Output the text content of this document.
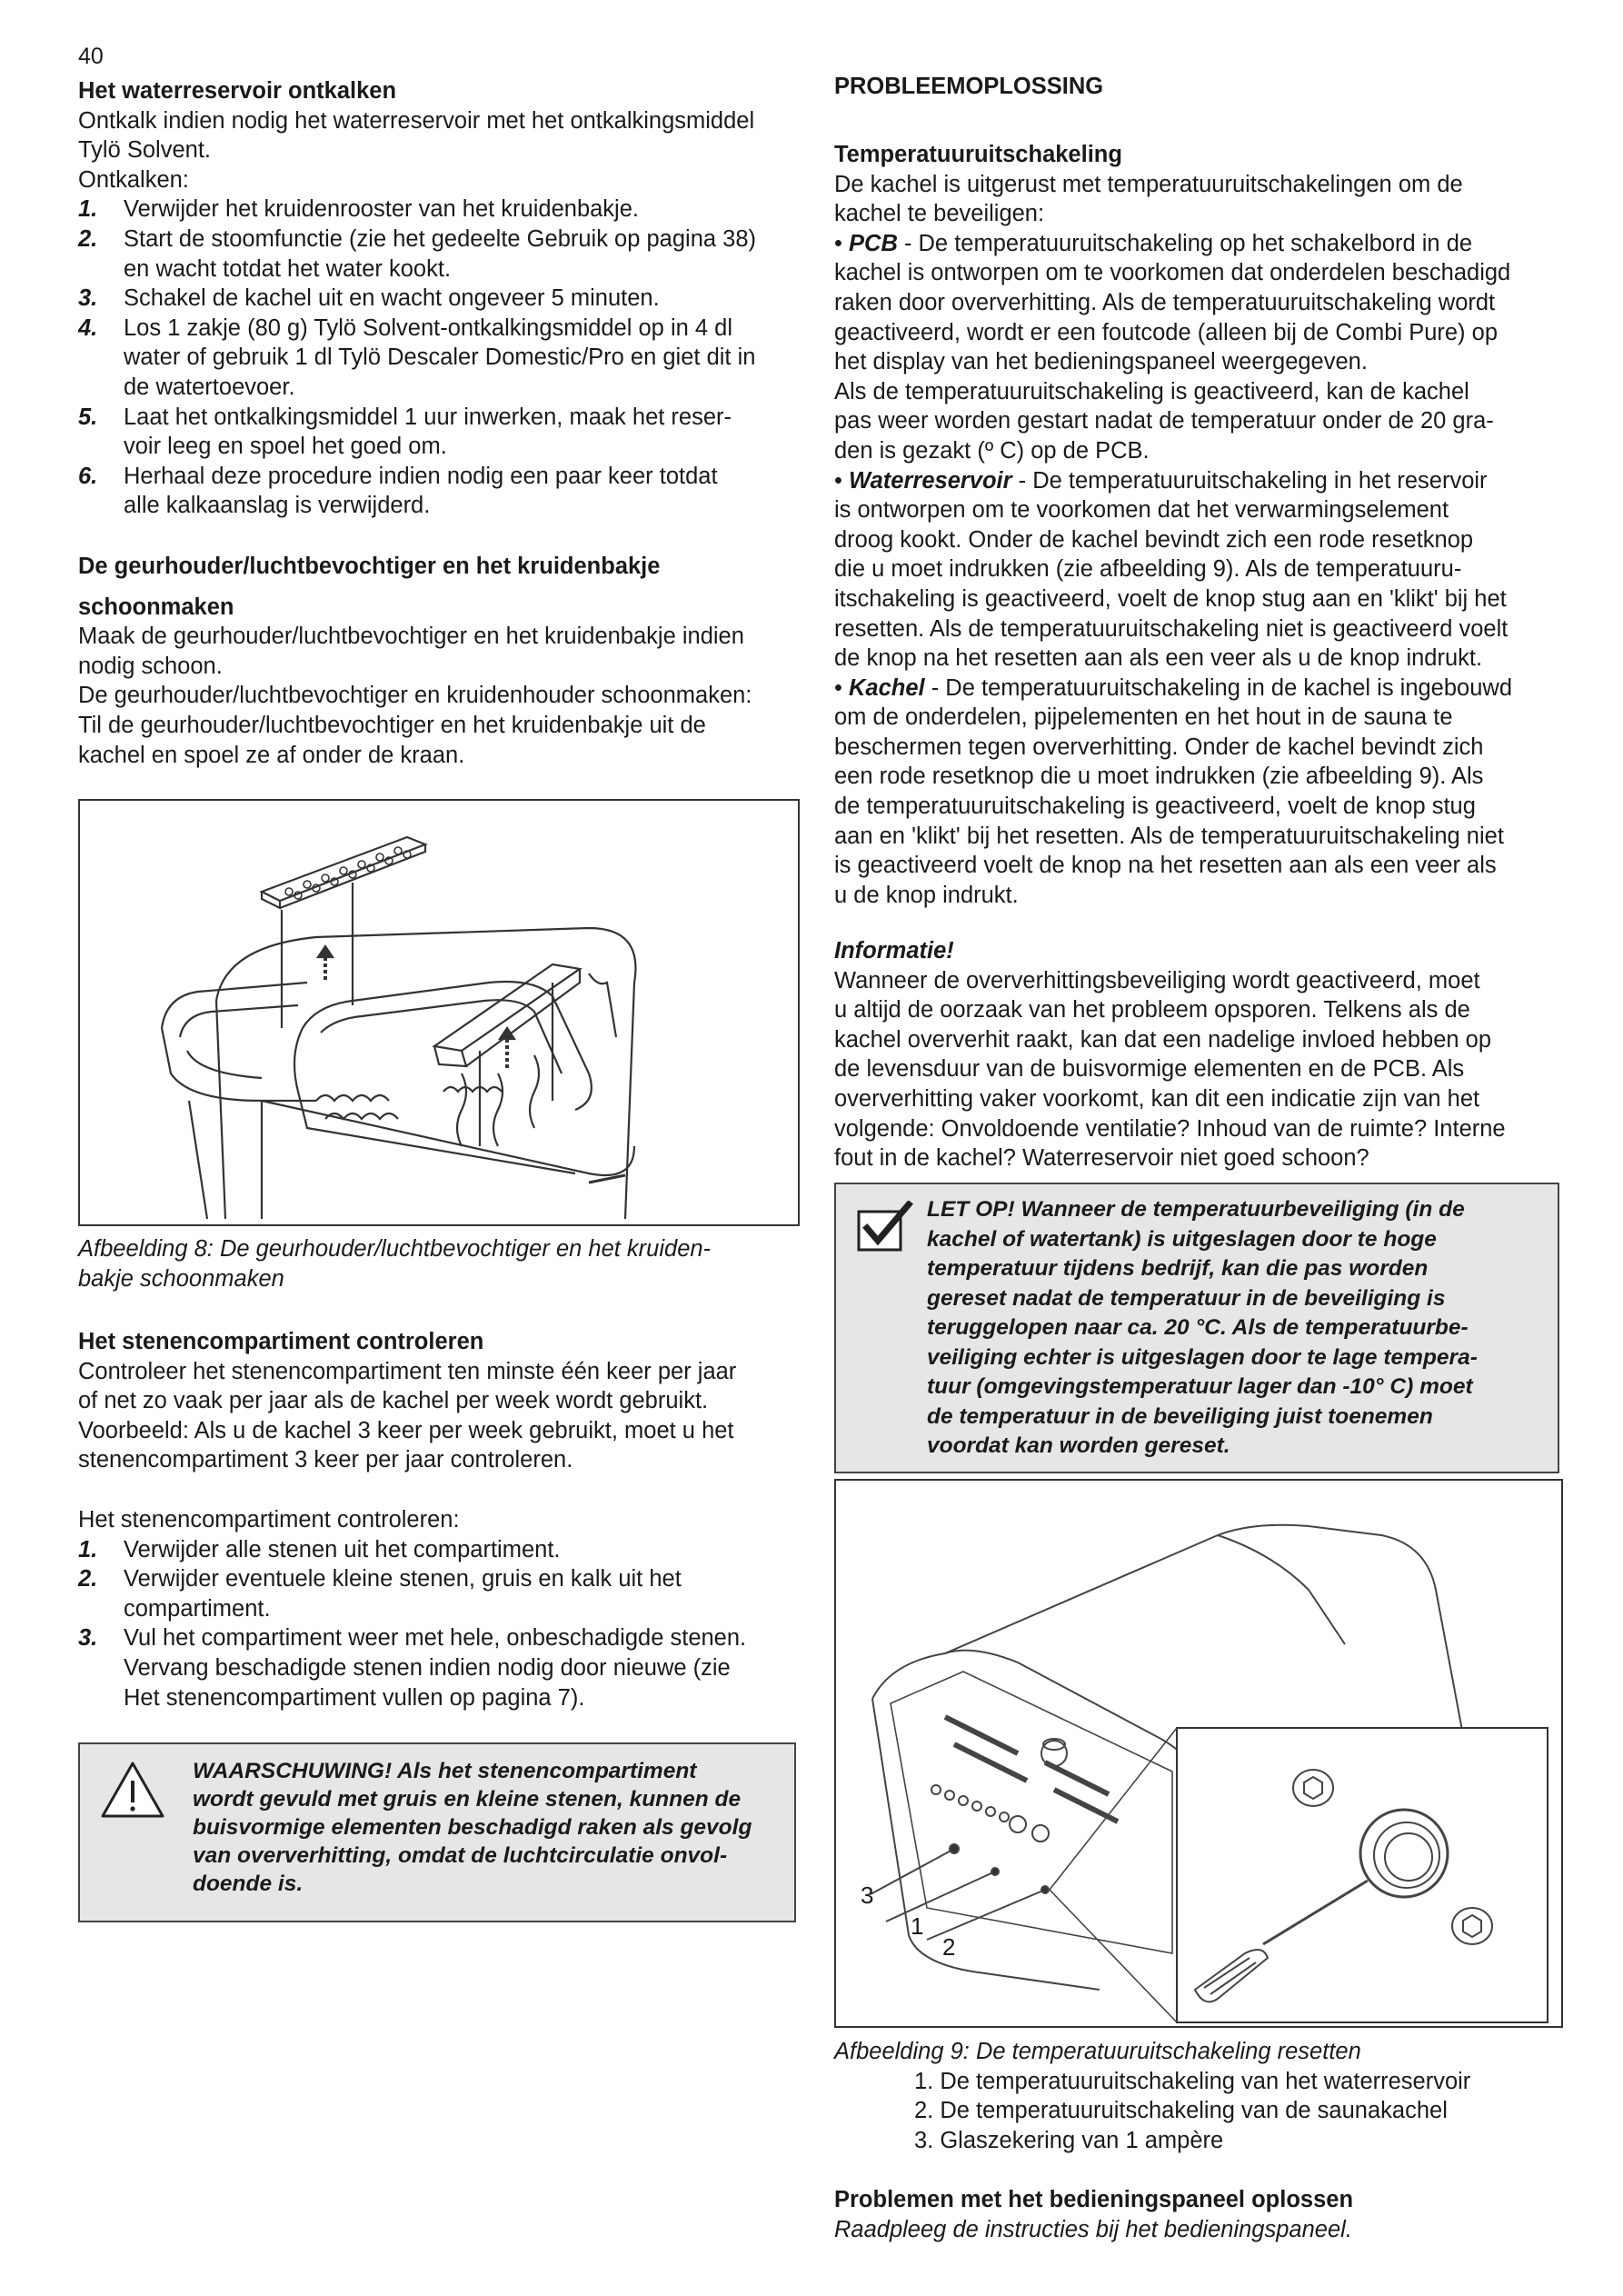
40

Het waterreservoir ontkalken

Ontkalk indien nodig het waterreservoir met het ontkalkingsmiddel

Tylö Solvent.

Ontkalken:

1. Verwijder het kruidenrooster van het kruidenbakje.
2. Start de stoomfunctie (zie het gedeelte Gebruik op pagina 38)
en wacht totdat het water kookt.
3. Schakel de kachel uit en wacht ongeveer 5 minuten.
4. Los 1 zakje (80 g) Tylö Solvent-ontkalkingsmiddel op in 4 dl
water of gebruik 1 dl Tylö Descaler Domestic/Pro en giet dit in
de watertoevoer.
5. Laat het ontkalkingsmiddel 1 uur inwerken, maak het reser-
voir leeg en spoel het goed om.
6. Herhaal deze procedure indien nodig een paar keer totdat
alle kalkaanslag is verwijderd.

De geurhouder/luchtbevochtiger en het kruidenbakje

schoonmaken

Maak de geurhouder/luchtbevochtiger en het kruidenbakje indien

nodig schoon.

De geurhouder/luchtbevochtiger en kruidenhouder schoonmaken:

Til de geurhouder/luchtbevochtiger en het kruidenbakje uit de

kachel en spoel ze af onder de kraan.

Afbeelding 8: De geurhouder/luchtbevochtiger en het kruiden-

bakje schoonmaken

Het stenencompartiment controleren

Controleer het stenencompartiment ten minste één keer per jaar

of net zo vaak per jaar als de kachel per week wordt gebruikt.

Voorbeeld: Als u de kachel 3 keer per week gebruikt, moet u het

stenencompartiment 3 keer per jaar controleren.

Het stenencompartiment controleren:

1. Verwijder alle stenen uit het compartiment.
2. Verwijder eventuele kleine stenen, gruis en kalk uit het
compartiment.
3. Vul het compartiment weer met hele, onbeschadigde stenen.
Vervang beschadigde stenen indien nodig door nieuwe (zie
Het stenencompartiment vullen op pagina 7).

WAARSCHUWING! Als het stenencompartiment

wordt gevuld met gruis en kleine stenen, kunnen de

buisvormige elementen beschadigd raken als gevolg

van oververhitting, omdat de luchtcirculatie onvol-

doende is.

PROBLEEMOPLOSSING

Temperatuuruitschakeling

De kachel is uitgerust met temperatuuruitschakelingen om de

kachel te beveiligen:

• PCB - De temperatuuruitschakeling op het schakelbord in de

kachel is ontworpen om te voorkomen dat onderdelen beschadigd

raken door oververhitting. Als de temperatuuruitschakeling wordt

geactiveerd, wordt er een foutcode (alleen bij de Combi Pure) op

het display van het bedieningspaneel weergegeven.

Als de temperatuuruitschakeling is geactiveerd, kan de kachel

pas weer worden gestart nadat de temperatuur onder de 20 gra-

den is gezakt (º C) op de PCB.

• Waterreservoir - De temperatuuruitschakeling in het reservoir

is ontworpen om te voorkomen dat het verwarmingselement

droog kookt. Onder de kachel bevindt zich een rode resetknop

die u moet indrukken (zie afbeelding 9). Als de temperatuuru-

itschakeling is geactiveerd, voelt de knop stug aan en 'klikt' bij het

resetten. Als de temperatuuruitschakeling niet is geactiveerd voelt

de knop na het resetten aan als een veer als u de knop indrukt.

• Kachel - De temperatuuruitschakeling in de kachel is ingebouwd

om de onderdelen, pijpelementen en het hout in de sauna te

beschermen tegen oververhitting. Onder de kachel bevindt zich

een rode resetknop die u moet indrukken (zie afbeelding 9). Als

de temperatuuruitschakeling is geactiveerd, voelt de knop stug

aan en 'klikt' bij het resetten. Als de temperatuuruitschakeling niet

is geactiveerd voelt de knop na het resetten aan als een veer als

u de knop indrukt.

Informatie!

Wanneer de oververhittingsbeveiliging wordt geactiveerd, moet

u altijd de oorzaak van het probleem opsporen. Telkens als de

kachel oververhit raakt, kan dat een nadelige invloed hebben op

de levensduur van de buisvormige elementen en de PCB. Als

oververhitting vaker voorkomt, kan dit een indicatie zijn van het

volgende: Onvoldoende ventilatie? Inhoud van de ruimte? Interne

fout in de kachel? Waterreservoir niet goed schoon?

LET OP! Wanneer de temperatuurbeveiliging (in de

kachel of watertank) is uitgeslagen door te hoge

temperatuur tijdens bedrijf, kan die pas worden

gereset nadat de temperatuur in de beveiliging is

teruggelopen naar ca. 20 °C. Als de temperatuurbe-

veiliging echter is uitgeslagen door te lage tempera-

tuur (omgevingstemperatuur lager dan -10° C) moet

de temperatuur in de beveiliging juist toenemen

voordat kan worden gereset.

3
1
2

Afbeelding 9: De temperatuuruitschakeling resetten

1. De temperatuuruitschakeling van het waterreservoir

2. De temperatuuruitschakeling van de saunakachel

3. Glaszekering van 1 ampère

Problemen met het bedieningspaneel oplossen

Raadpleeg de instructies bij het bedieningspaneel.
